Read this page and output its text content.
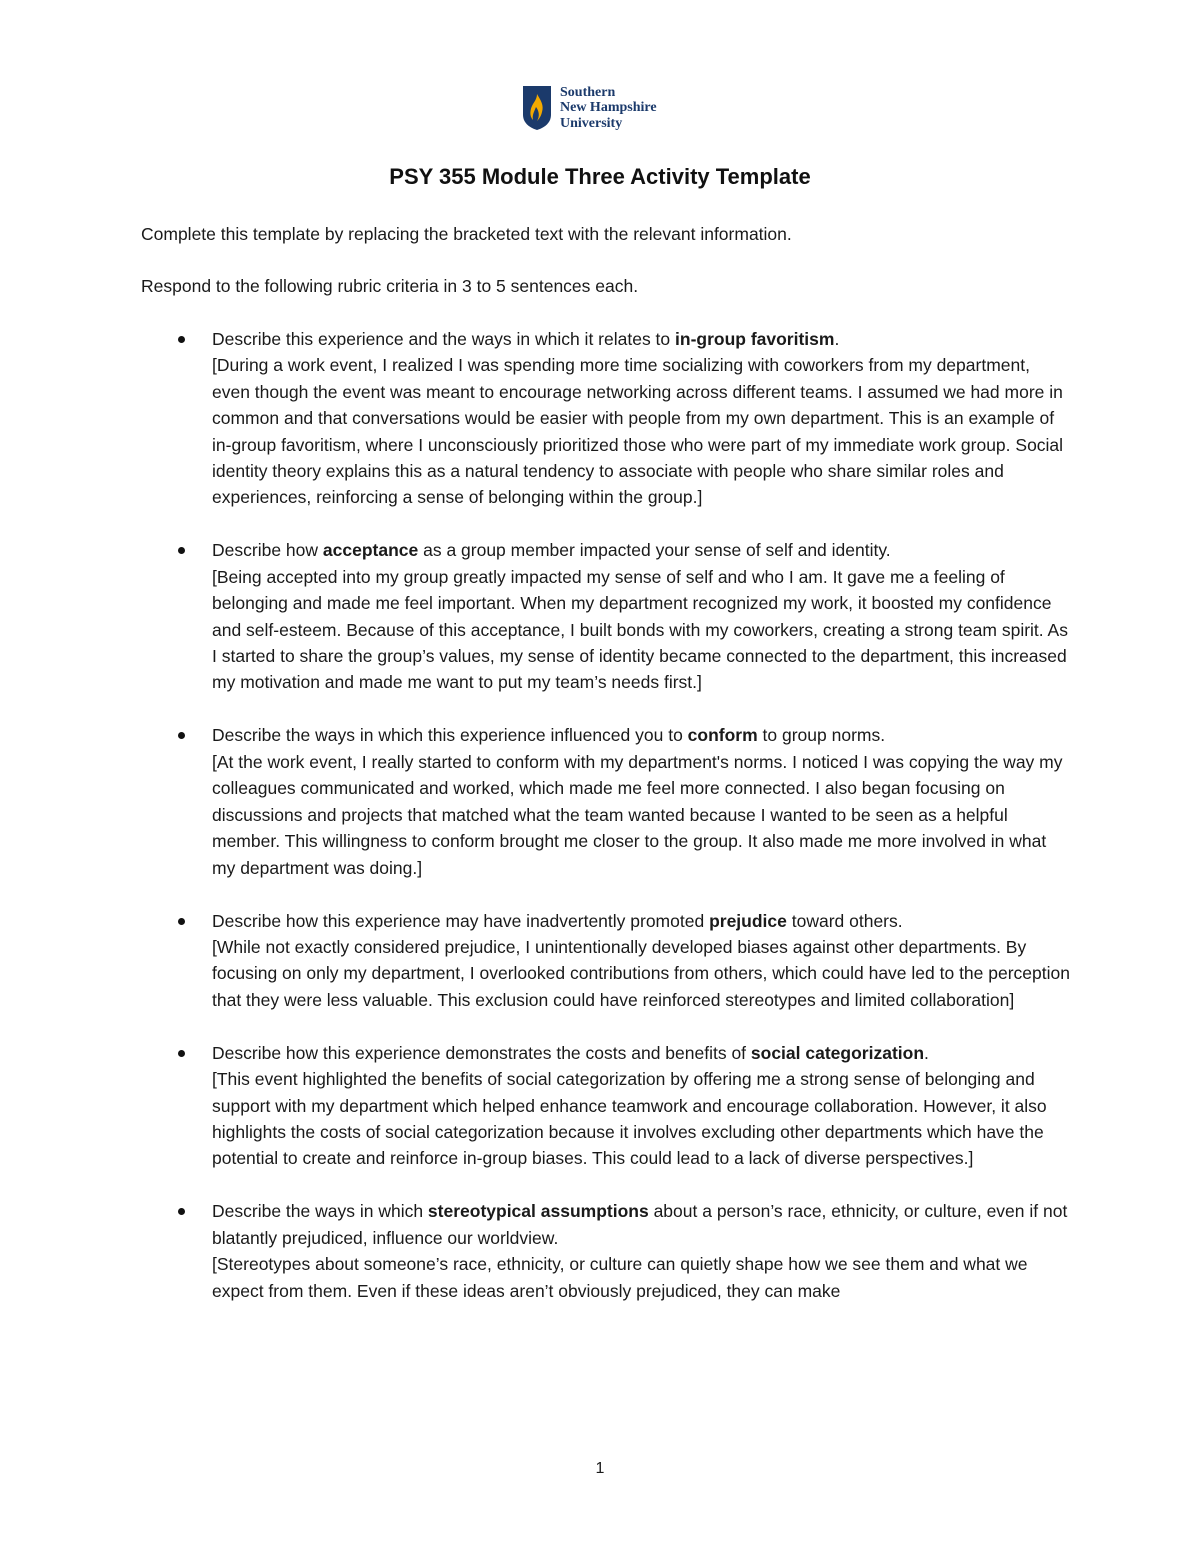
Southern
New Hampshire
University
PSY 355 Module Three Activity Template

Complete this template by replacing the bracketed text with the relevant information.

Respond to the following rubric criteria in 3 to 5 sentences each.

Describe this experience and the ways in which it relates to in-group favoritism.
[During a work event, I realized I was spending more time socializing with coworkers from my department, even though the event was meant to encourage networking across different teams. I assumed we had more in common and that conversations would be easier with people from my own department. This is an example of in-group favoritism, where I unconsciously prioritized those who were part of my immediate work group. Social identity theory explains this as a natural tendency to associate with people who share similar roles and experiences, reinforcing a sense of belonging within the group.]
Describe how acceptance as a group member impacted your sense of self and identity.
[Being accepted into my group greatly impacted my sense of self and who I am. It gave me a feeling of belonging and made me feel important. When my department recognized my work, it boosted my confidence and self-esteem. Because of this acceptance, I built bonds with my coworkers, creating a strong team spirit. As I started to share the group’s values, my sense of identity became connected to the department, this increased my motivation and made me want to put my team’s needs first.]
Describe the ways in which this experience influenced you to conform to group norms.
[At the work event, I really started to conform with my department's norms. I noticed I was copying the way my colleagues communicated and worked, which made me feel more connected. I also began focusing on discussions and projects that matched what the team wanted because I wanted to be seen as a helpful member. This willingness to conform brought me closer to the group. It also made me more involved in what my department was doing.]
Describe how this experience may have inadvertently promoted prejudice toward others.
[While not exactly considered prejudice, I unintentionally developed biases against other departments. By focusing on only my department, I overlooked contributions from others, which could have led to the perception that they were less valuable. This exclusion could have reinforced stereotypes and limited collaboration]
Describe how this experience demonstrates the costs and benefits of social categorization.
[This event highlighted the benefits of social categorization by offering me a strong sense of belonging and support with my department which helped enhance teamwork and encourage collaboration. However, it also highlights the costs of social categorization because it involves excluding other departments which have the potential to create and reinforce in-group biases. This could lead to a lack of diverse perspectives.]
Describe the ways in which stereotypical assumptions about a person’s race, ethnicity, or culture, even if not blatantly prejudiced, influence our worldview.
[Stereotypes about someone’s race, ethnicity, or culture can quietly shape how we see them and what we expect from them. Even if these ideas aren’t obviously prejudiced, they can make
1
